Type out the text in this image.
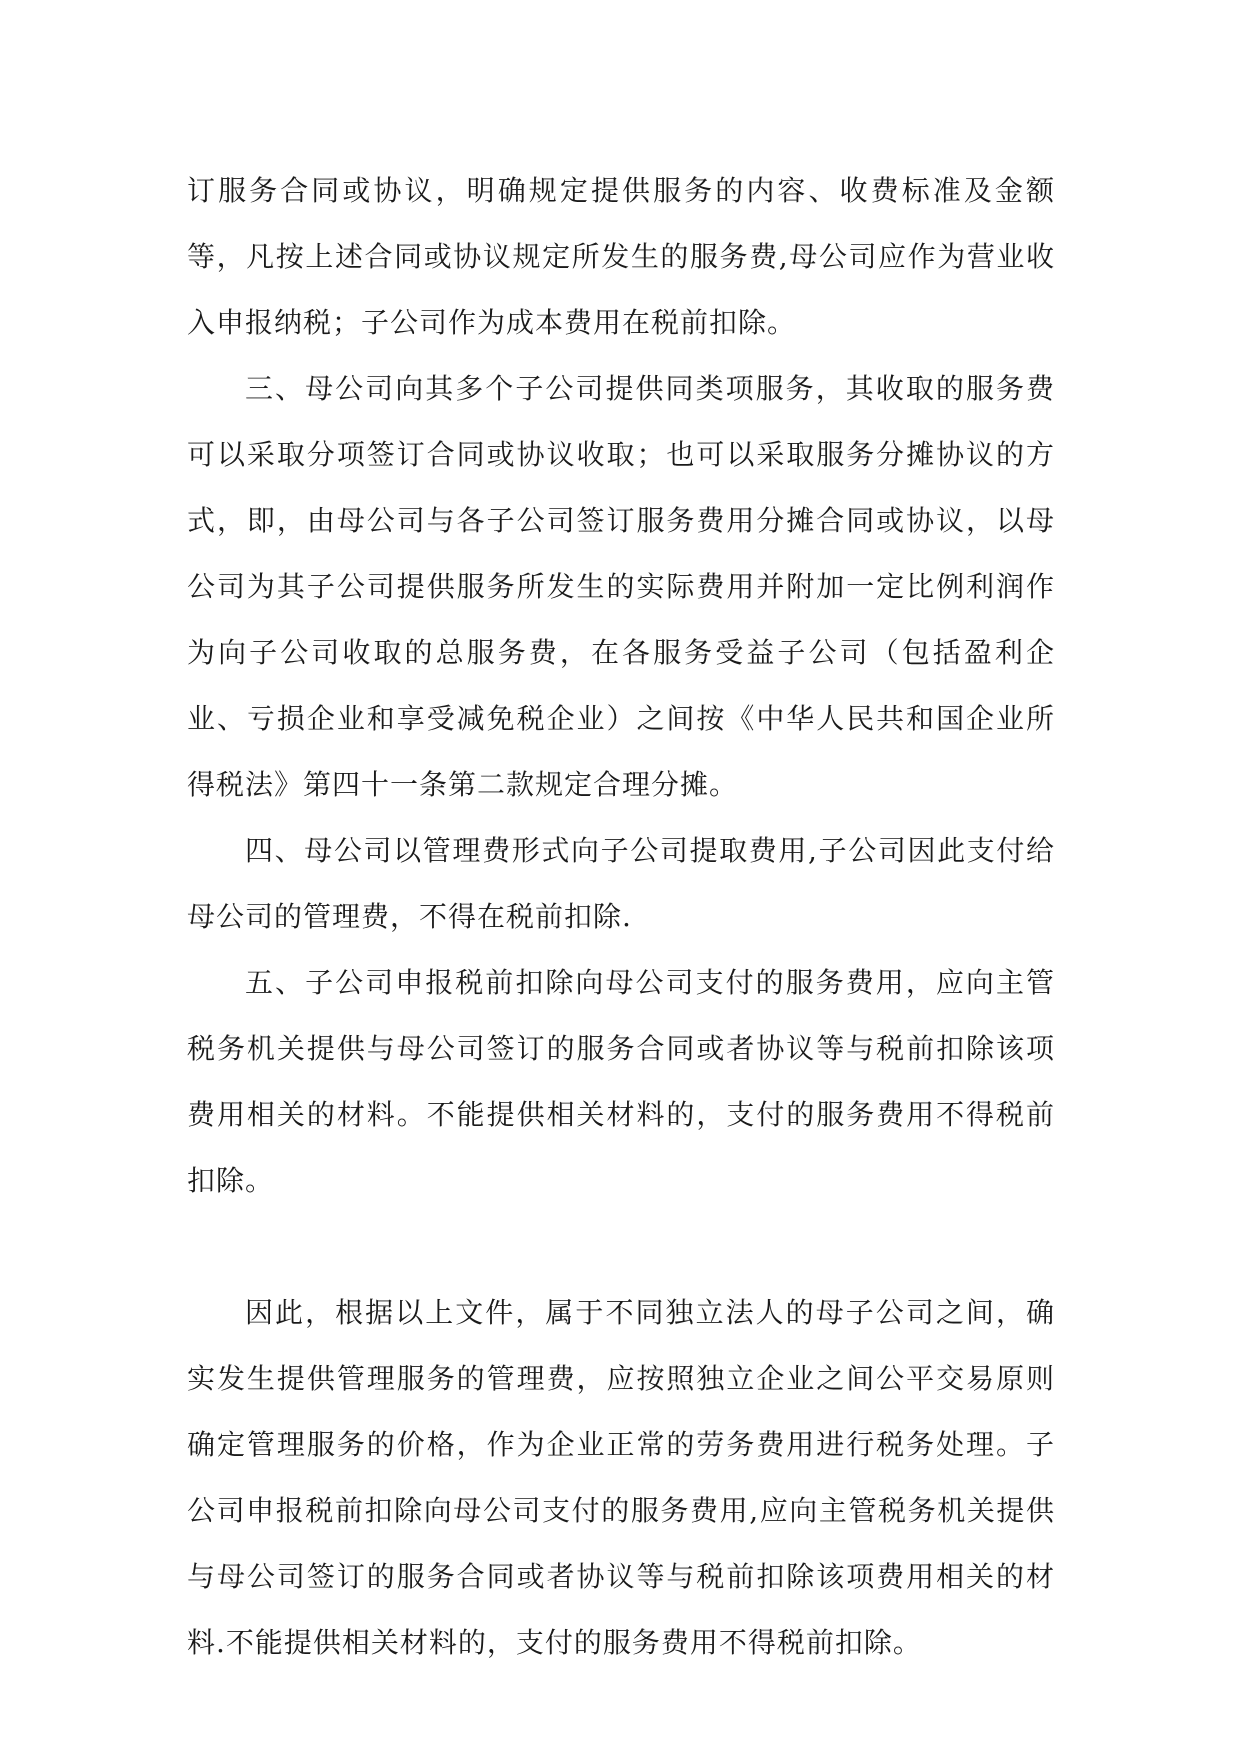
订服务合同或协议，明确规定提供服务的内容、收费标准及金额等，凡按上述合同或协议规定所发生的服务费,母公司应作为营业收入申报纳税；子公司作为成本费用在税前扣除。

三、母公司向其多个子公司提供同类项服务，其收取的服务费可以采取分项签订合同或协议收取；也可以采取服务分摊协议的方式，即，由母公司与各子公司签订服务费用分摊合同或协议，以母公司为其子公司提供服务所发生的实际费用并附加一定比例利润作为向子公司收取的总服务费，在各服务受益子公司（包括盈利企业、亏损企业和享受减免税企业）之间按《中华人民共和国企业所得税法》第四十一条第二款规定合理分摊。

四、母公司以管理费形式向子公司提取费用,子公司因此支付给母公司的管理费，不得在税前扣除.

五、子公司申报税前扣除向母公司支付的服务费用，应向主管税务机关提供与母公司签订的服务合同或者协议等与税前扣除该项费用相关的材料。不能提供相关材料的，支付的服务费用不得税前扣除。

因此，根据以上文件，属于不同独立法人的母子公司之间，确实发生提供管理服务的管理费，应按照独立企业之间公平交易原则确定管理服务的价格，作为企业正常的劳务费用进行税务处理。子公司申报税前扣除向母公司支付的服务费用,应向主管税务机关提供与母公司签订的服务合同或者协议等与税前扣除该项费用相关的材料.不能提供相关材料的，支付的服务费用不得税前扣除。
